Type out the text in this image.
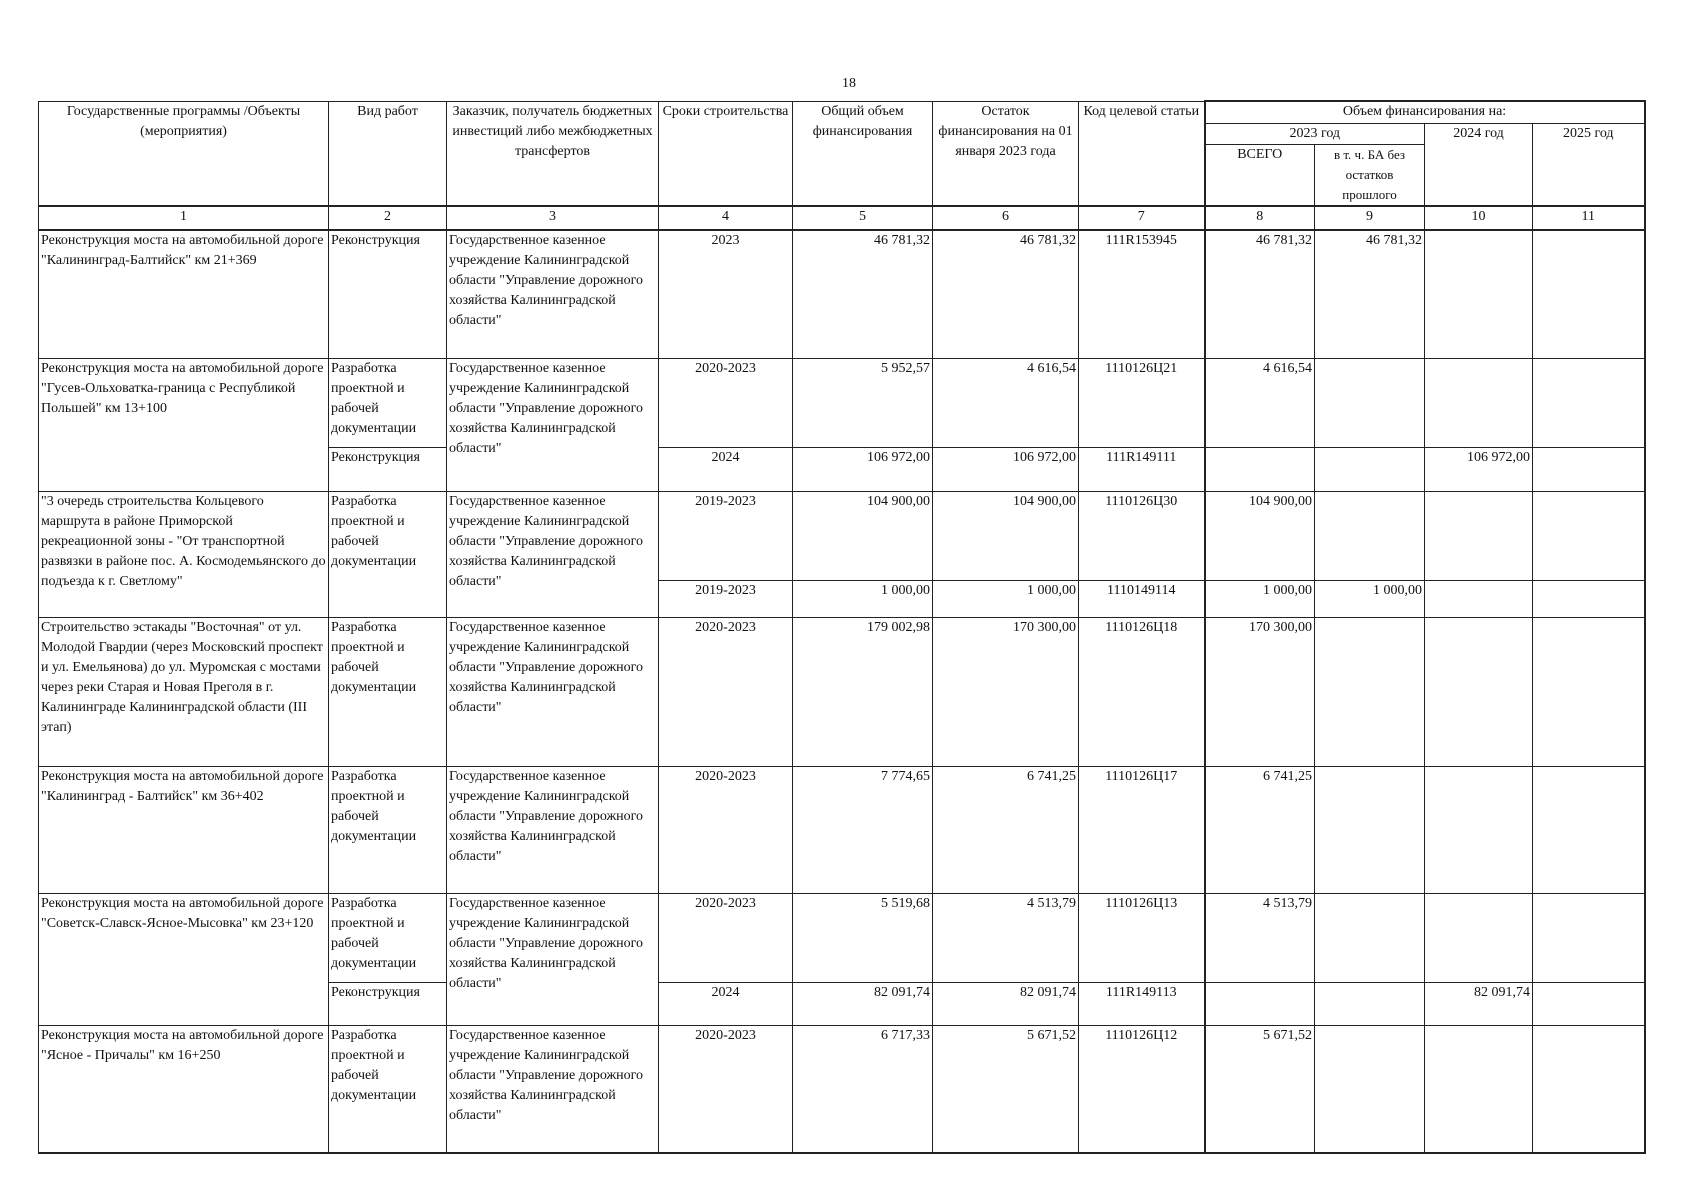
18
Государственные программы /Объекты (мероприятия)	Вид работ	Заказчик, получатель бюджетных инвестиций либо межбюджетных трансфертов	Сроки строительства	Общий объем финансирования	Остаток финансирования на 01 января 2023 года	Код целевой статьи	Объем финансирования на:			
							2023 год		2024 год	2025 год
							ВСЕГО	в т. ч. БА без остатков прошлого		
1	2	3	4	5	6	7	8	9	10	11
Реконструкция моста на автомобильной дороге "Калининград-Балтийск" км 21+369	Реконструкция	Государственное казенное учреждение Калининградской области "Управление дорожного хозяйства Калининградской области"	2023	46 781,32	46 781,32	111R153945	46 781,32	46 781,32		
Реконструкция моста на автомобильной дороге "Гусев-Ольховатка-граница с Республикой Польшей" км 13+100	Разработка проектной и рабочей документации	Государственное казенное учреждение Калининградской области "Управление дорожного хозяйства Калининградской области"	2020-2023	5 952,57	4 616,54	1110126Ц21	4 616,54			
	Реконструкция		2024	106 972,00	106 972,00	111R149111			106 972,00	
"3 очередь строительства Кольцевого маршрута в районе Приморской рекреационной зоны - "От транспортной развязки в районе пос. А. Космодемьянского до подъезда к г. Светлому"	Разработка проектной и рабочей документации	Государственное казенное учреждение Калининградской области "Управление дорожного хозяйства Калининградской области"	2019-2023	104 900,00	104 900,00	1110126Ц30	104 900,00			
			2019-2023	1 000,00	1 000,00	1110149114	1 000,00	1 000,00		
Строительство эстакады "Восточная" от ул. Молодой Гвардии (через Московский проспект и ул. Емельянова) до ул. Муромская с мостами через реки Старая и Новая Преголя в г. Калининграде Калининградской области (III этап)	Разработка проектной и рабочей документации	Государственное казенное учреждение Калининградской области "Управление дорожного хозяйства Калининградской области"	2020-2023	179 002,98	170 300,00	1110126Ц18	170 300,00			
Реконструкция моста на автомобильной дороге "Калининград - Балтийск" км 36+402	Разработка проектной и рабочей документации	Государственное казенное учреждение Калининградской области "Управление дорожного хозяйства Калининградской области"	2020-2023	7 774,65	6 741,25	1110126Ц17	6 741,25			
Реконструкция моста на автомобильной дороге "Советск-Славск-Ясное-Мысовка" км 23+120	Разработка проектной и рабочей документации	Государственное казенное учреждение Калининградской области "Управление дорожного хозяйства Калининградской области"	2020-2023	5 519,68	4 513,79	1110126Ц13	4 513,79			
	Реконструкция		2024	82 091,74	82 091,74	111R149113			82 091,74	
Реконструкция моста на автомобильной дороге "Ясное - Причалы" км 16+250	Разработка проектной и рабочей документации	Государственное казенное учреждение Калининградской области "Управление дорожного хозяйства Калининградской области"	2020-2023	6 717,33	5 671,52	1110126Ц12	5 671,52			
